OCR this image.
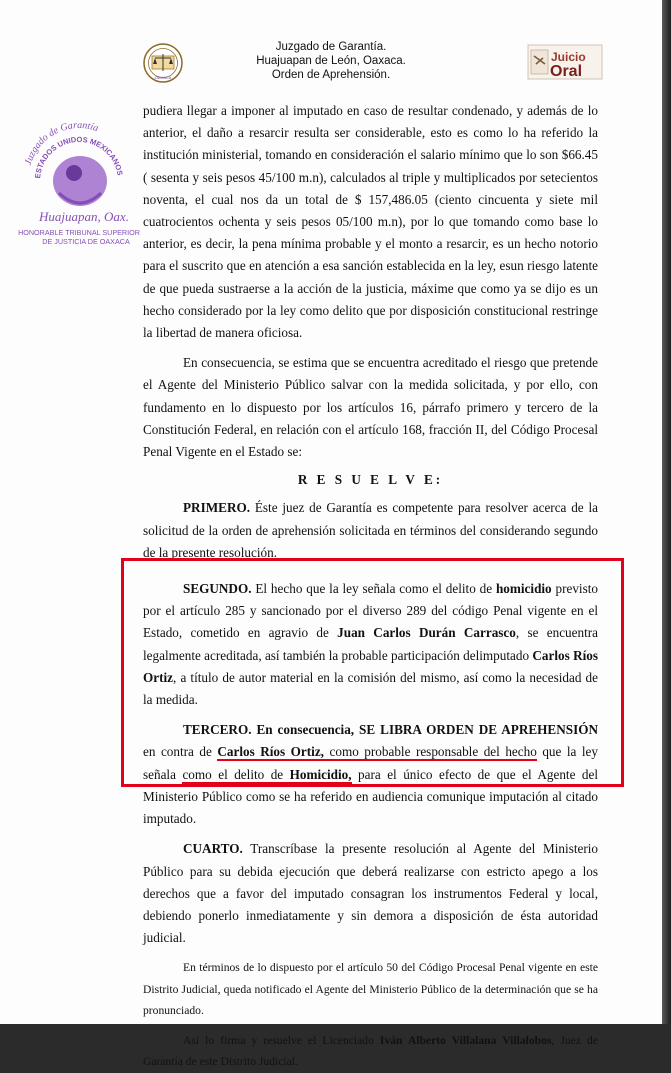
OAXACA
Juzgado de Garantía.
Huajuapan de León, Oaxaca.
Orden de Aprehensión.
Juicio
Oral
Juzgado de Garantía
ESTADOS UNIDOS MEXICANOS
Huajuapan, Oax.
HONORABLE TRIBUNAL SUPERIOR
DE JUSTICIA DE OAXACA

pudiera llegar a imponer al imputado en caso de resultar condenado, y además de lo anterior, el daño a resarcir resulta ser considerable, esto es como lo ha referido la institución ministerial, tomando en consideración el salario mínimo que lo son $66.45 ( sesenta y seis pesos 45/100 m.n), calculados al triple y multiplicados por setecientos noventa, el cual nos da un total de $ 157,486.05 (ciento cincuenta y siete mil cuatrocientos ochenta y seis pesos 05/100 m.n), por lo que tomando como base lo anterior, es decir, la pena mínima probable y el monto a resarcir, es un hecho notorio para el suscrito que en atención a esa sanción establecida en la ley, esun riesgo latente de que pueda sustraerse a la acción de la justicia, máxime que como ya se dijo es un hecho considerado por la ley como delito que por disposición constitucional restringe la libertad de manera oficiosa.

En consecuencia, se estima que se encuentra acreditado el riesgo que pretende el Agente del Ministerio Público salvar con la medida solicitada, y por ello, con fundamento en lo dispuesto por los artículos 16, párrafo primero y tercero de la Constitución Federal, en relación con el artículo 168, fracción II, del Código Procesal Penal Vigente en el Estado se:

R E S U E L V E:

PRIMERO. Éste juez de Garantía es competente para resolver acerca de la solicitud de la orden de aprehensión solicitada en términos del considerando segundo de la presente resolución.

SEGUNDO. El hecho que la ley señala como el delito de homicidio previsto por el artículo 285 y sancionado por el diverso 289 del código Penal vigente en el Estado, cometido en agravio de Juan Carlos Durán Carrasco, se encuentra legalmente acreditada, así también la probable participación delimputado Carlos Ríos Ortiz, a título de autor material en la comisión del mismo, así como la necesidad de la medida.

TERCERO. En consecuencia, SE LIBRA ORDEN DE APREHENSIÓN en contra de Carlos Ríos Ortiz, como probable responsable del hecho que la ley señala como el delito de Homicidio, para el único efecto de que el Agente del Ministerio Público como se ha referido en audiencia comunique imputación al citado imputado.

CUARTO. Transcríbase la presente resolución al Agente del Ministerio Público para su debida ejecución que deberá realizarse con estricto apego a los derechos que a favor del imputado consagran los instrumentos Federal y local, debiendo ponerlo inmediatamente y sin demora a disposición de ésta autoridad judicial.

En términos de lo dispuesto por el artículo 50 del Código Procesal Penal vigente en este Distrito Judicial, queda notificado el Agente del Ministerio Público de la determinación que se ha pronunciado.

Así lo firma y resuelve el Licenciado Iván Alberto Villalana Villalobos, Juez de Garantía de este Distrito Judicial.
